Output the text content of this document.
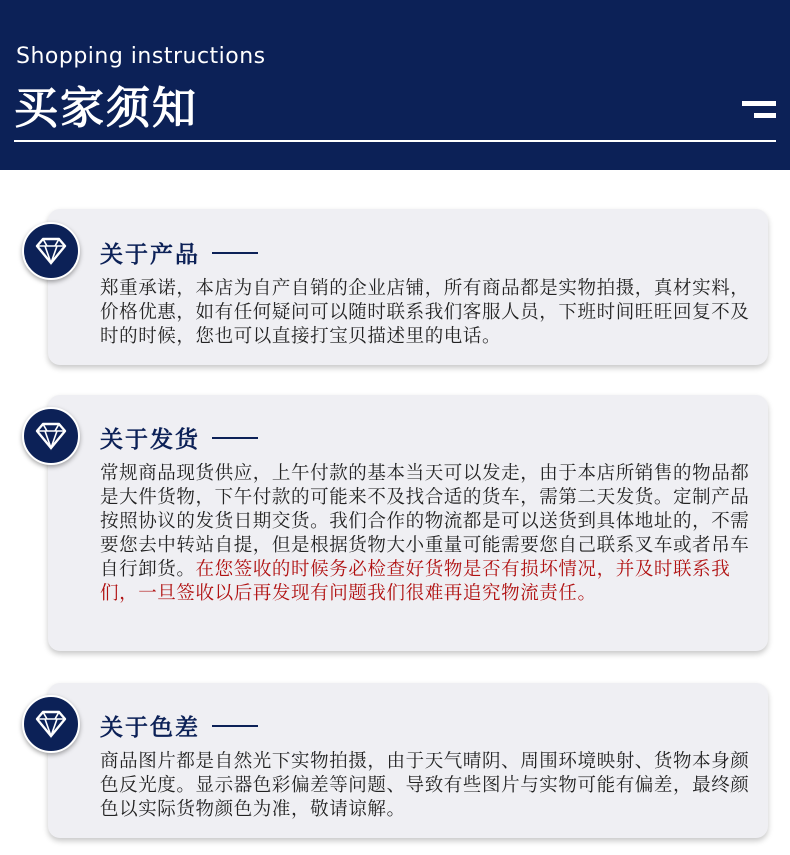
Shopping instructions
买家须知
关于产品

郑重承诺，本店为自产自销的企业店铺，所有商品都是实物拍摄，真材实料，价格优惠，如有任何疑问可以随时联系我们客服人员，下班时间旺旺回复不及时的时候，您也可以直接打宝贝描述里的电话。

关于发货

常规商品现货供应，上午付款的基本当天可以发走，由于本店所销售的物品都是大件货物，下午付款的可能来不及找合适的货车，需第二天发货。定制产品按照协议的发货日期交货。我们合作的物流都是可以送货到具体地址的，不需要您去中转站自提，但是根据货物大小重量可能需要您自己联系叉车或者吊车自行卸货。在您签收的时候务必检查好货物是否有损坏情况，并及时联系我们，一旦签收以后再发现有问题我们很难再追究物流责任。

关于色差

商品图片都是自然光下实物拍摄，由于天气晴阴、周围环境映射、货物本身颜色反光度。显示器色彩偏差等问题、导致有些图片与实物可能有偏差，最终颜色以实际货物颜色为准，敬请谅解。
